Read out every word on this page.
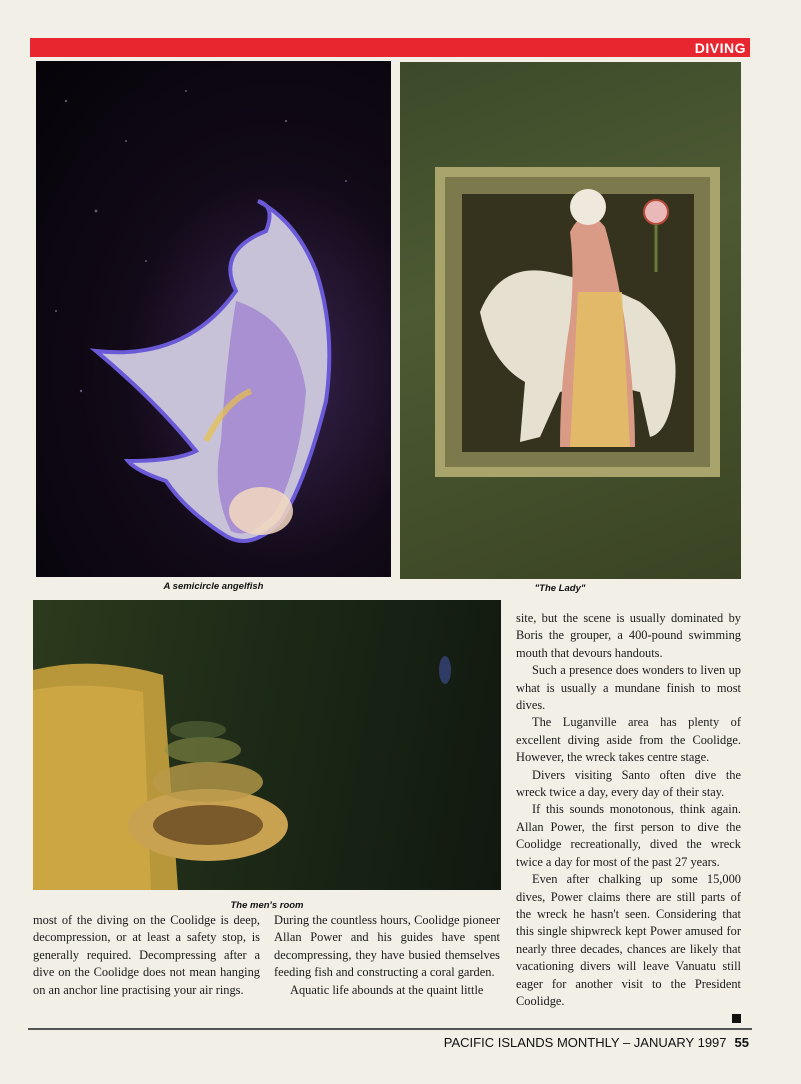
DIVING
A semicircle angelfish	"The Lady"
The men's room

most of the diving on the Coolidge is deep, decompression, or at least a safety stop, is generally required. Decompressing after a dive on the Coolidge does not mean hanging on an anchor line practising your air rings.

During the countless hours, Coolidge pioneer Allan Power and his guides have spent decompressing, they have busied themselves feeding fish and constructing a coral garden.

Aquatic life abounds at the quaint little

site, but the scene is usually dominated by Boris the grouper, a 400-pound swimming mouth that devours handouts.

Such a presence does wonders to liven up what is usually a mundane finish to most dives.

The Luganville area has plenty of excellent diving aside from the Coolidge. However, the wreck takes centre stage.

Divers visiting Santo often dive the wreck twice a day, every day of their stay.

If this sounds monotonous, think again. Allan Power, the first person to dive the Coolidge recreationally, dived the wreck twice a day for most of the past 27 years.

Even after chalking up some 15,000 dives, Power claims there are still parts of the wreck he hasn't seen. Considering that this single shipwreck kept Power amused for nearly three decades, chances are likely that vacationing divers will leave Vanuatu still eager for another visit to the President Coolidge.

PACIFIC ISLANDS MONTHLY – JANUARY 1997 55
